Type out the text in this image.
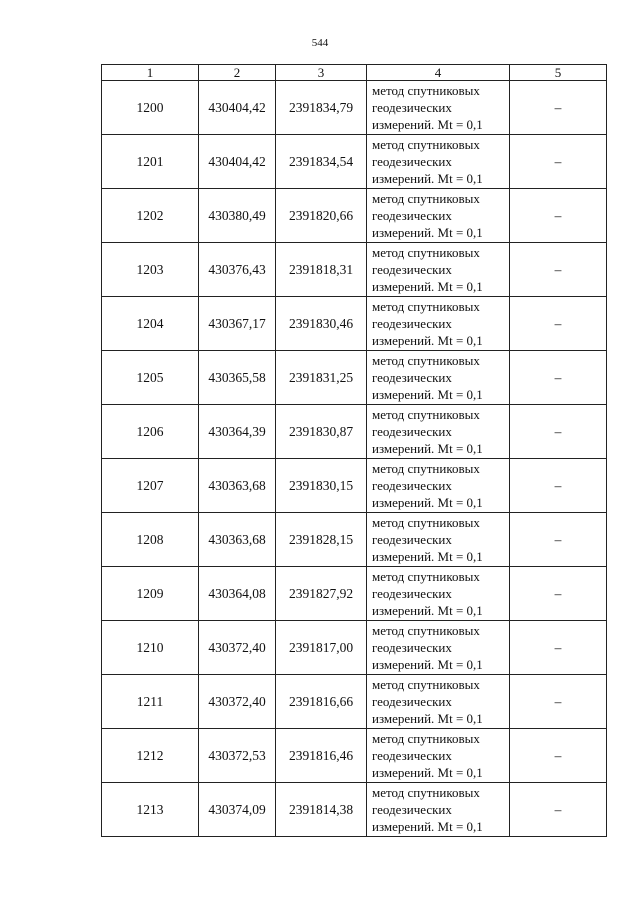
544
1	2	3	4	5
1200	430404,42	2391834,79	метод спутниковых
геодезических
измерений. Mt = 0,1	–
1201	430404,42	2391834,54	метод спутниковых
геодезических
измерений. Mt = 0,1	–
1202	430380,49	2391820,66	метод спутниковых
геодезических
измерений. Mt = 0,1	–
1203	430376,43	2391818,31	метод спутниковых
геодезических
измерений. Mt = 0,1	–
1204	430367,17	2391830,46	метод спутниковых
геодезических
измерений. Mt = 0,1	–
1205	430365,58	2391831,25	метод спутниковых
геодезических
измерений. Mt = 0,1	–
1206	430364,39	2391830,87	метод спутниковых
геодезических
измерений. Mt = 0,1	–
1207	430363,68	2391830,15	метод спутниковых
геодезических
измерений. Mt = 0,1	–
1208	430363,68	2391828,15	метод спутниковых
геодезических
измерений. Mt = 0,1	–
1209	430364,08	2391827,92	метод спутниковых
геодезических
измерений. Mt = 0,1	–
1210	430372,40	2391817,00	метод спутниковых
геодезических
измерений. Mt = 0,1	–
1211	430372,40	2391816,66	метод спутниковых
геодезических
измерений. Mt = 0,1	–
1212	430372,53	2391816,46	метод спутниковых
геодезических
измерений. Mt = 0,1	–
1213	430374,09	2391814,38	метод спутниковых
геодезических
измерений. Mt = 0,1	–
